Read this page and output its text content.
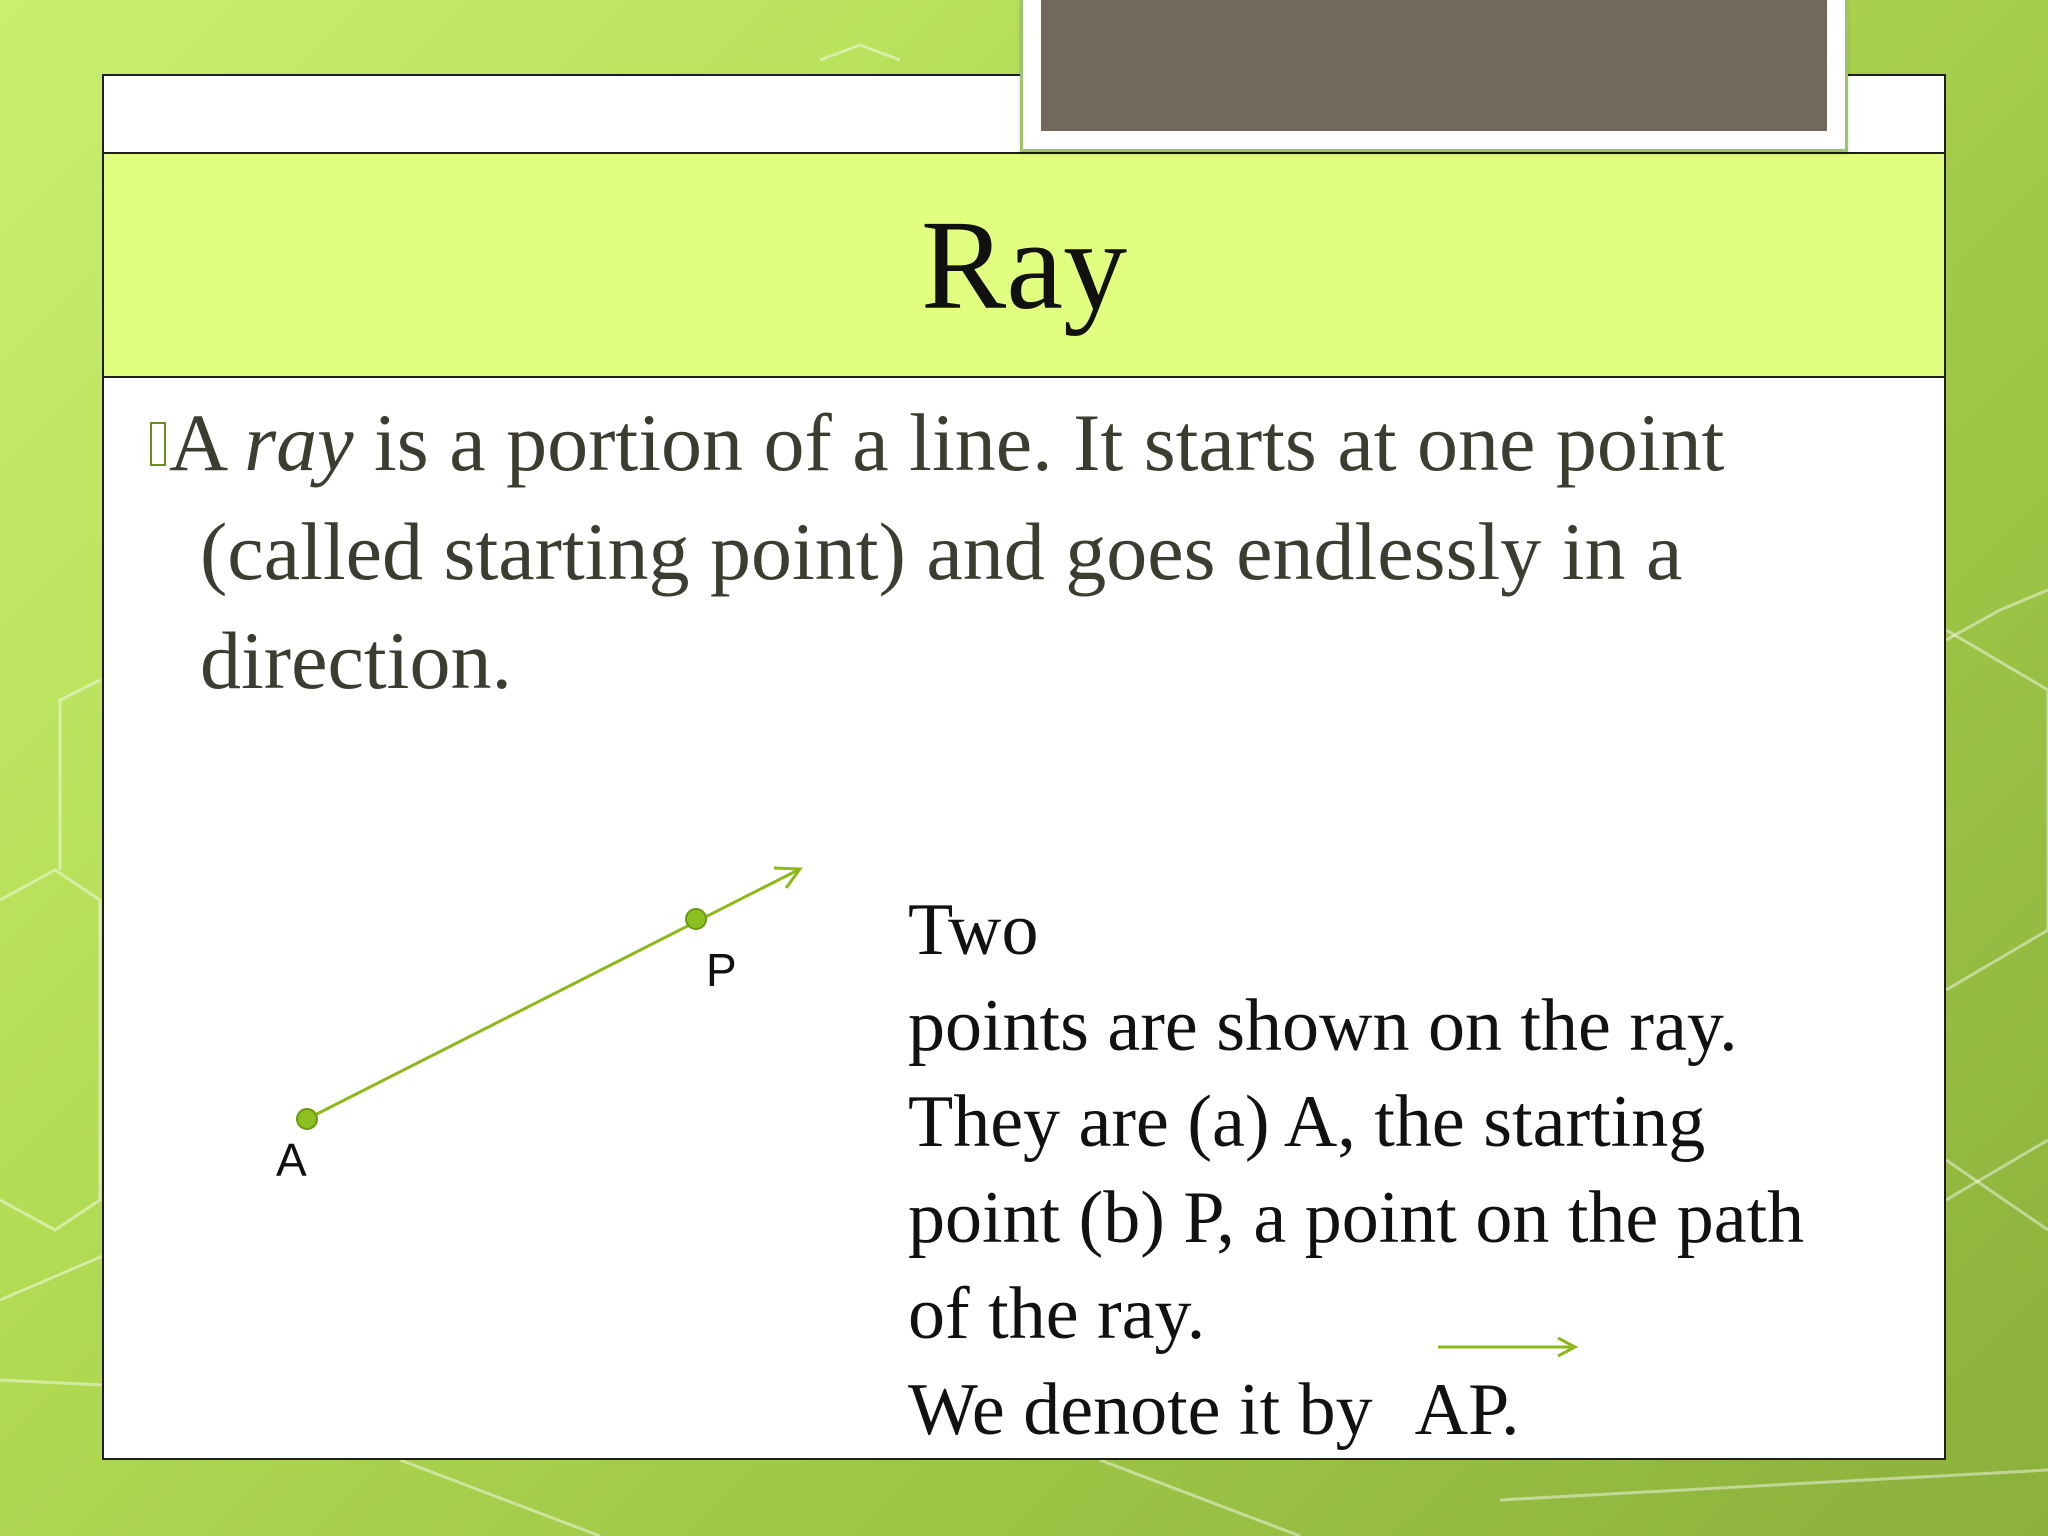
Ray

A ray is a portion of a line. It starts at one point (called starting point) and goes endlessly in a direction.

A
P Two
points are shown on the ray.
They are (a) A, the starting
point (b) P, a point on the path
of the ray.
We denote it by AP.
